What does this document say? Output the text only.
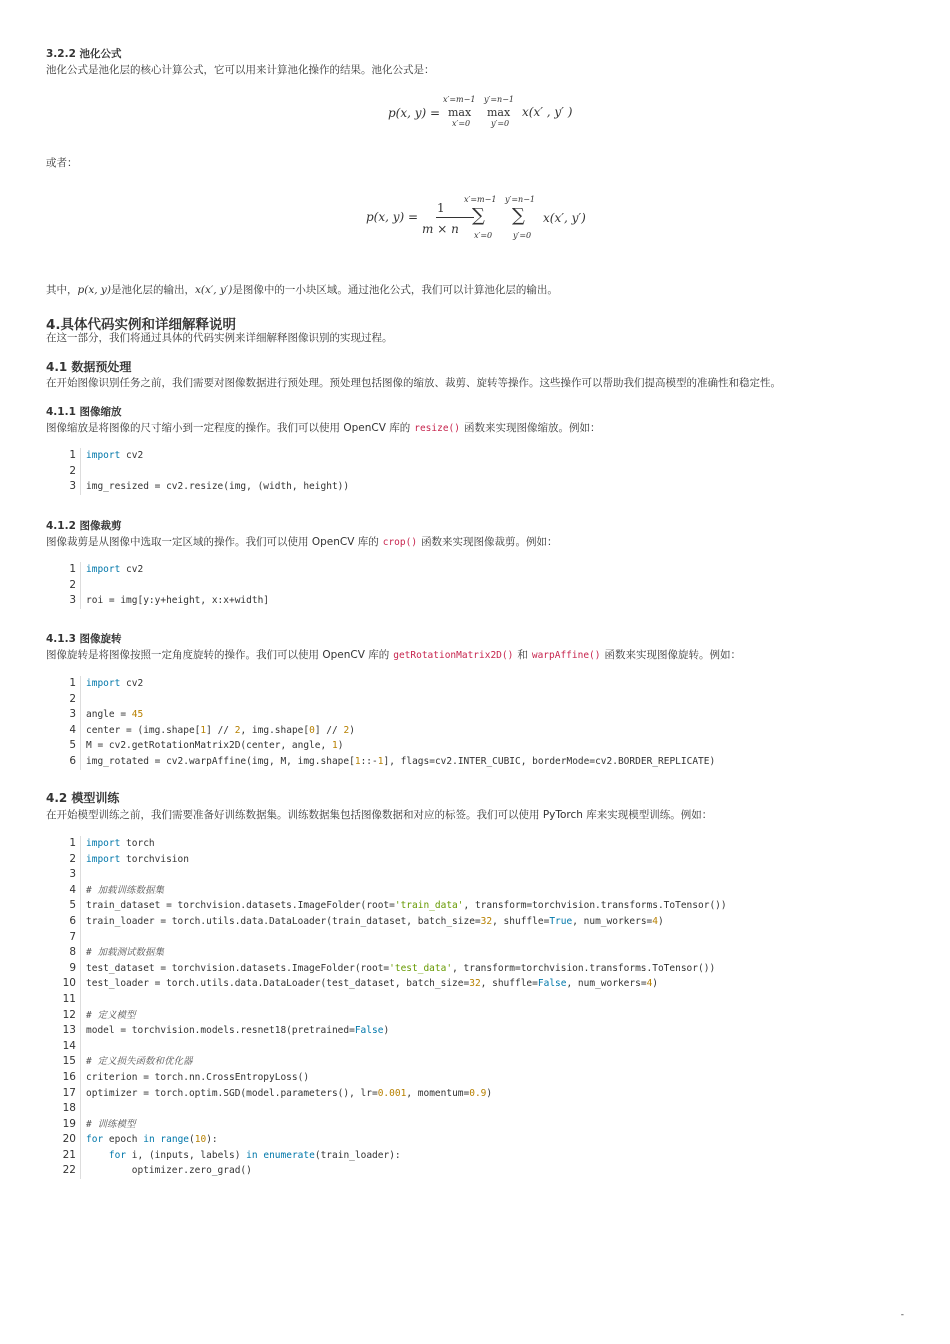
3.2.2 池化公式
池化公式是池化层的核心计算公式，它可以用来计算池化操作的结果。池化公式是：
p(x, y) =
x′=m−1
max
x′=0
y′=n−1
max
y′=0
x(x′ , y′ )
或者：
p(x, y) =
1
m × n
x′=m−1
∑
x′=0
y′=n−1
∑
y′=0
x(x′, y′)
其中，p(x, y)是池化层的输出，x(x′, y′)是图像中的一小块区域。通过池化公式，我们可以计算池化层的输出。
4.具体代码实例和详细解释说明
在这一部分，我们将通过具体的代码实例来详细解释图像识别的实现过程。
4.1 数据预处理
在开始图像识别任务之前，我们需要对图像数据进行预处理。预处理包括图像的缩放、裁剪、旋转等操作。这些操作可以帮助我们提高模型的准确性和稳定性。
4.1.1 图像缩放
图像缩放是将图像的尺寸缩小到一定程度的操作。我们可以使用 OpenCV 库的 resize() 函数来实现图像缩放。例如：
1	import cv2
2
3	img_resized = cv2.resize(img, (width, height))
4.1.2 图像裁剪
图像裁剪是从图像中选取一定区域的操作。我们可以使用 OpenCV 库的 crop() 函数来实现图像裁剪。例如：
1	import cv2
2
3	roi = img[y:y+height, x:x+width]
4.1.3 图像旋转
图像旋转是将图像按照一定角度旋转的操作。我们可以使用 OpenCV 库的 getRotationMatrix2D() 和 warpAffine() 函数来实现图像旋转。例如：
1	import cv2
2
3	angle = 45
4	center = (img.shape[1] // 2, img.shape[0] // 2)
5	M = cv2.getRotationMatrix2D(center, angle, 1)
6	img_rotated = cv2.warpAffine(img, M, img.shape[1::-1], flags=cv2.INTER_CUBIC, borderMode=cv2.BORDER_REPLICATE)
4.2 模型训练
在开始模型训练之前，我们需要准备好训练数据集。训练数据集包括图像数据和对应的标签。我们可以使用 PyTorch 库来实现模型训练。例如：
1	import torch
2	import torchvision
3
4	# 加载训练数据集
5	train_dataset = torchvision.datasets.ImageFolder(root='train_data', transform=torchvision.transforms.ToTensor())
6	train_loader = torch.utils.data.DataLoader(train_dataset, batch_size=32, shuffle=True, num_workers=4)
7
8	# 加载测试数据集
9	test_dataset = torchvision.datasets.ImageFolder(root='test_data', transform=torchvision.transforms.ToTensor())
10	test_loader = torch.utils.data.DataLoader(test_dataset, batch_size=32, shuffle=False, num_workers=4)
11
12	# 定义模型
13	model = torchvision.models.resnet18(pretrained=False)
14
15	# 定义损失函数和优化器
16	criterion = torch.nn.CrossEntropyLoss()
17	optimizer = torch.optim.SGD(model.parameters(), lr=0.001, momentum=0.9)
18
19	# 训练模型
20	for epoch in range(10):
21	for i, (inputs, labels) in enumerate(train_loader):
22	optimizer.zero_grad()
-
